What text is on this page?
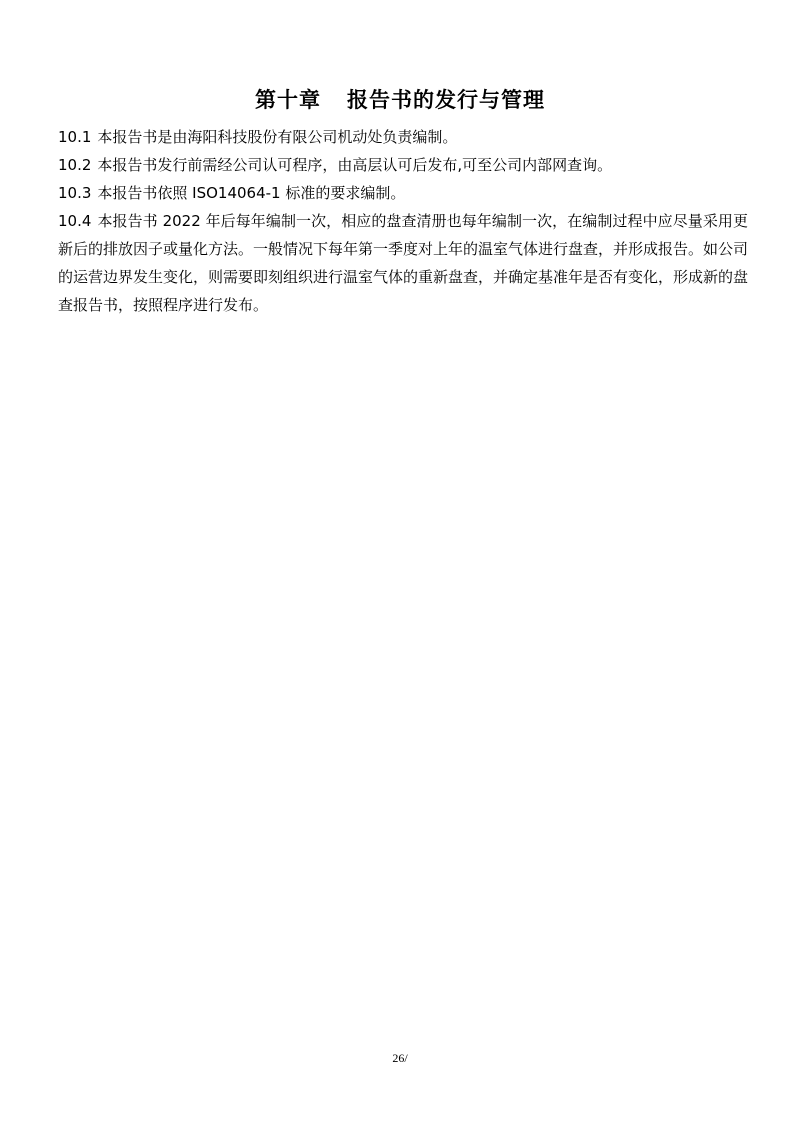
第十章 报告书的发行与管理

10.1 本报告书是由海阳科技股份有限公司机动处负责编制。

10.2 本报告书发行前需经公司认可程序，由高层认可后发布,可至公司内部网查询。

10.3 本报告书依照 ISO14064-1 标准的要求编制。

10.4 本报告书 2022 年后每年编制一次，相应的盘查清册也每年编制一次，在编制过程中应尽量采用更新后的排放因子或量化方法。一般情况下每年第一季度对上年的温室气体进行盘查，并形成报告。如公司的运营边界发生变化，则需要即刻组织进行温室气体的重新盘查，并确定基准年是否有变化，形成新的盘查报告书，按照程序进行发布。

26/
